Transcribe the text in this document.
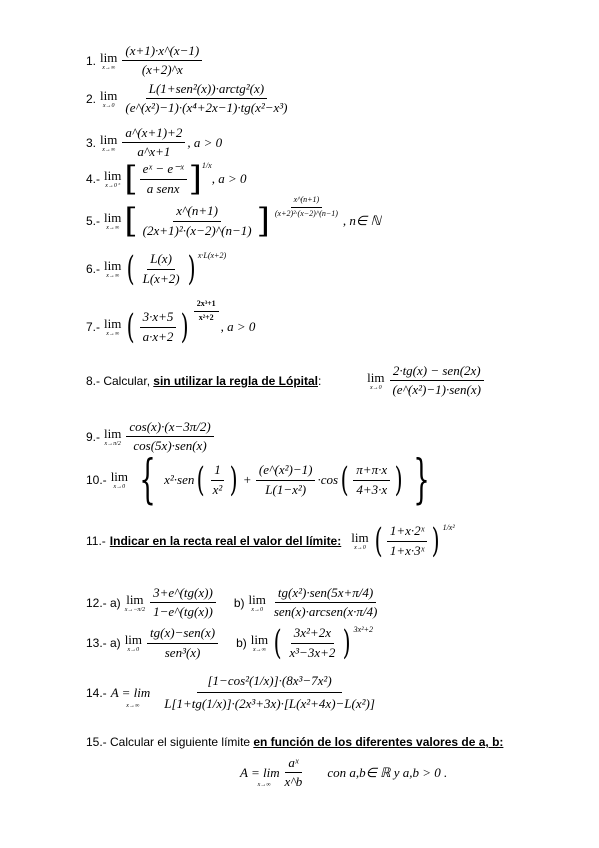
1. lim
$x\to\infty \frac{(x+1)\cdot x\^{}(x-1)}{(x+2)\^{}x}$
2. lim
$x\to 0 \frac{\text{L(1+sen²(x))·arctg²(x)}}{\text{(e\textasciicircum{}(x²)−1)·(x⁴+2x−1)·tg(x²−x³)}}$
3. lim
$x\to\infty \frac{a\^{}(x+1)+2}{a\^{}x+1}$ , a > 0
4.- lim
x→0⁺ [ $\frac{\text{eˣ − e⁻ˣ}}{\text{a senx}}$ ] 1/x
, a > 0
5.- lim
x→∞ [ $\frac{x\^{}(n+1)}{\text{(2x+1)²·(x−2)\textasciicircum{}(n−1)}}$ ] $\frac{x\^{}(n+1)}{\text{(x+2)²·(x−2)\textasciicircum{}(n−1)}}$
, n∈ ℕ
6.- lim
x→∞ ( $\frac{L(x)}{L(x+2)}$ ) x·L(x+2)
7.- lim
x→∞ ( $\frac{3\cdot x+5}{a\cdot x+2}$ ) $\frac{\text{2x³+1}}{\text{x²+2}}$
, a > 0
8.- Calcular,
sin utilizar la regla de Lópital :	lim
$x\to 0 \frac{\text{2·tg(x) − sen(2x)}}{\text{(e\textasciicircum{}(x²)−1)·sen(x)}}$
9.- lim
$x\to\pi/2 \frac{\cos(x)\cdot(x-3\pi/2)}{\text{cos(5x)·sen(x)}}$
10.- lim
x→0 { x²·sen ( $\frac{1}{\text{x²}}$ ) + $\frac{\text{(e\textasciicircum{}(x²)−1)}}{\text{L(1−x²)}} \cdot\cos$ ( $\frac{\pi+\pi\cdot x}{4+3\cdot x}$ ) }
11.- Indicar en la recta real el valor del límite: lim
x→0 ( $\frac{\text{1+x·2ˣ}}{\text{1+x·3ˣ}}$ ) 1/x²
12.- a) lim
$x\to-\pi/2 \frac{3+e\^{}(tg(x))}{1-e\^{}(tg(x))} b$) lim
$x\to 0 \frac{\text{tg(x²)·sen(5x+π/4)}}{\text{sen(x)·arcsen(x·π/4)}}$
13.- a) lim
$x\to 0 \frac{\text{tg(x)−sen(x)}}{\text{sen³(x)}} b$) lim
x→∞ ( $\frac{\text{3x²+2x}}{\text{x³−3x+2}}$ ) 3x²+2
14.- A = lim
$x\to\infty \frac{\text{[1−cos²(1/x)]·(8x³−7x²)}}{\text{L[1+tg(1/x)]·(2x³+3x)·[L(x²+4x)−L(x²)]}}$
15.- Calcular el siguiente límite
en función de los diferentes valores de a, b:
A = lim
$x\to\infty \frac{\text{aˣ}}{x\^{}b}$ con a,b∈ ℝ y a,b > 0 .
